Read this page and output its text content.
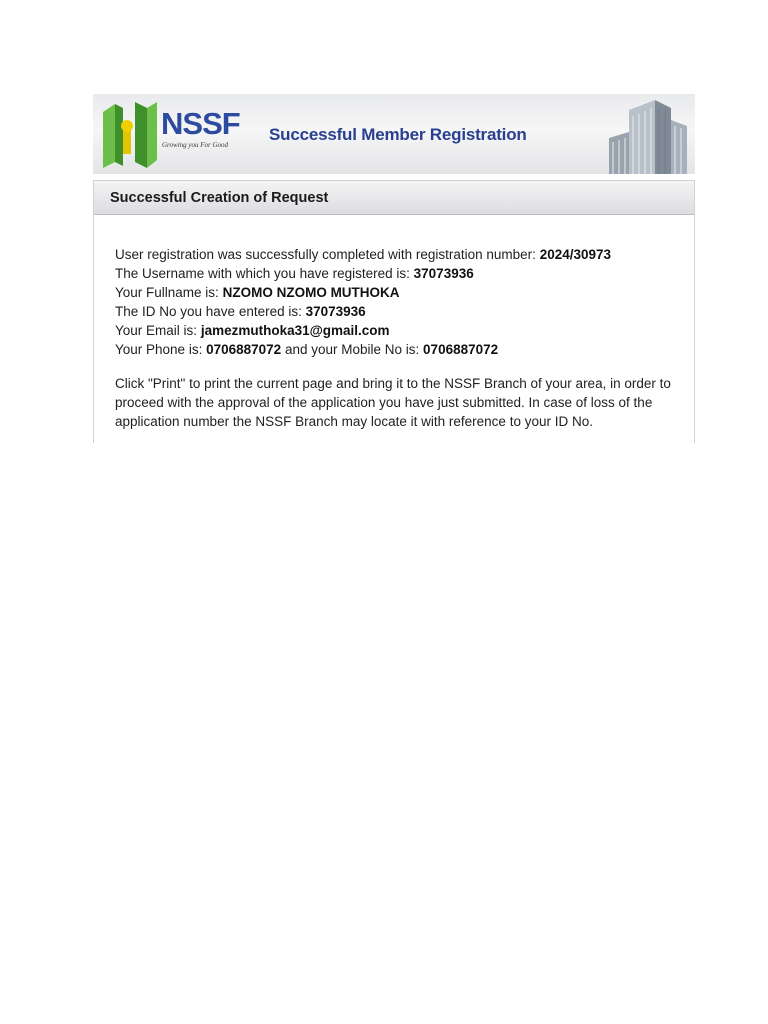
NSSF
Growing you For Good
Successful Member Registration
Successful Creation of Request
User registration was successfully completed with registration number: 2024/30973
The Username with which you have registered is: 37073936
Your Fullname is: NZOMO NZOMO MUTHOKA
The ID No you have entered is: 37073936
Your Email is: jamezmuthoka31@gmail.com
Your Phone is: 0706887072 and your Mobile No is: 0706887072
Click "Print" to print the current page and bring it to the NSSF Branch of your area, in order to proceed with the approval of the application you have just submitted. In case of loss of the application number the NSSF Branch may locate it with reference to your ID No.
